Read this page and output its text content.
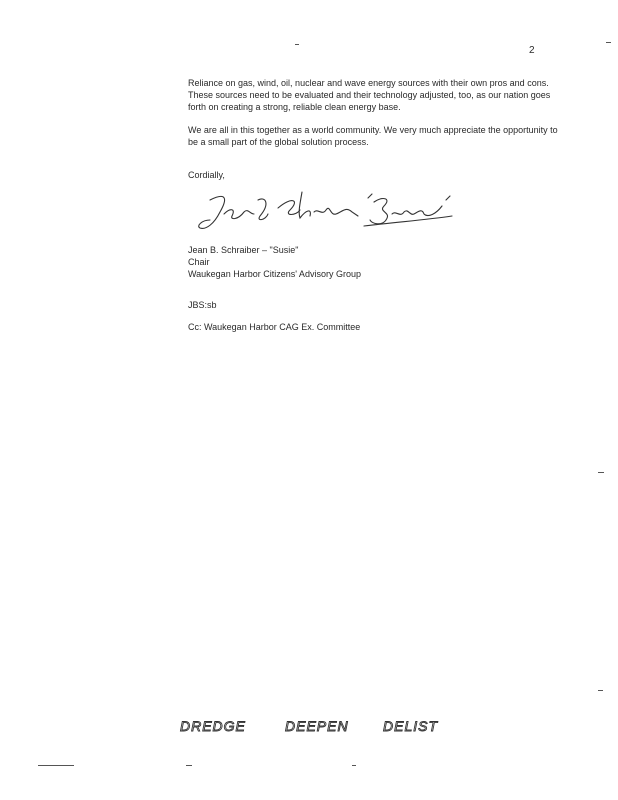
2

Reliance on gas, wind, oil, nuclear and wave energy sources with their own pros and cons. These sources need to be evaluated and their technology adjusted, too, as our nation goes forth on creating a strong, reliable clean energy base.

We are all in this together as a world community. We very much appreciate the opportunity to be a small part of the global solution process.

Cordially,
Jean B. Schraiber – "Susie"
Chair
Waukegan Harbor Citizens' Advisory Group
JBS:sb
Cc: Waukegan Harbor CAG Ex. Committee
DREDGE	DEEPEN DELIST
